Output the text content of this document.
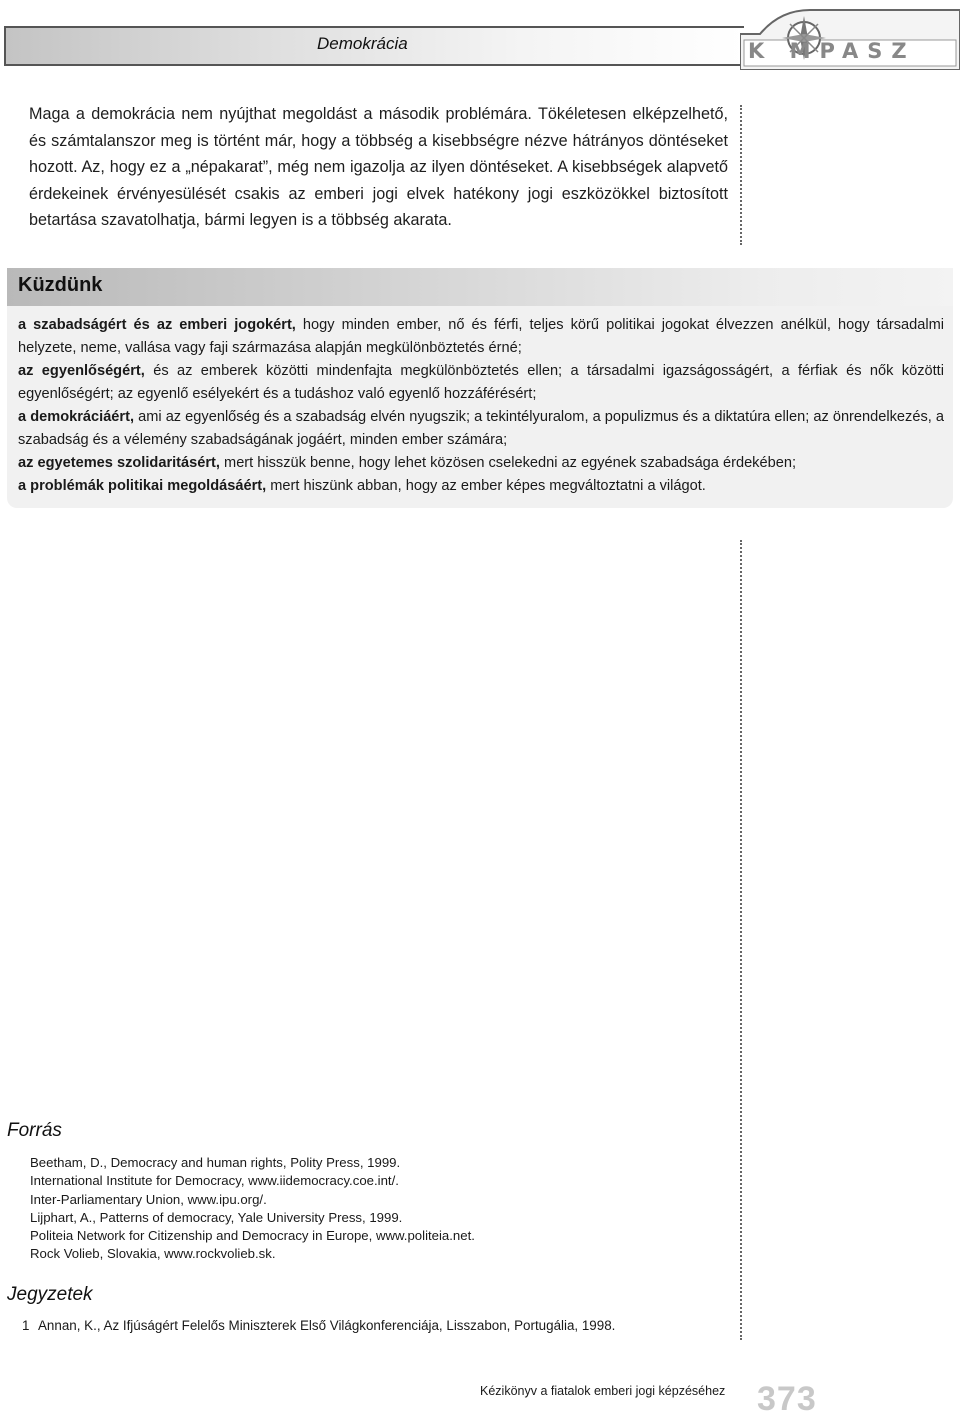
Demokrácia	K MPASZ
Maga a demokrácia nem nyújthat megoldást a második problémára. Tökéletesen elképzelhető, és számtalanszor meg is történt már, hogy a többség a kisebbségre nézve hátrányos döntéseket hozott. Az, hogy ez a „népakarat”, még nem igazolja az ilyen döntéseket. A kisebbségek alapvető érdekeinek érvényesülését csakis az emberi jogi elvek hatékony jogi eszközökkel biztosított betartása szavatolhatja, bármi legyen is a többség akarata.
Küzdünk

a szabadságért és az emberi jogokért, hogy minden ember, nő és férfi, teljes körű politikai jogokat élvezzen anélkül, hogy társadalmi helyzete, neme, vallása vagy faji származása alapján megkülönböztetés érné;

az egyenlőségért, és az emberek közötti mindenfajta megkülönböztetés ellen; a társadalmi igazságosságért, a férfiak és nők közötti egyenlőségért; az egyenlő esélyekért és a tudáshoz való egyenlő hozzáférésért;

a demokráciáért, ami az egyenlőség és a szabadság elvén nyugszik; a tekintélyuralom, a populizmus és a diktatúra ellen; az önrendelkezés, a szabadság és a vélemény szabadságának jogáért, minden ember számára;

az egyetemes szolidaritásért, mert hisszük benne, hogy lehet közösen cselekedni az egyének szabadsága érdekében;

a problémák politikai megoldásáért, mert hiszünk abban, hogy az ember képes megváltoztatni a világot.

Forrás
Beetham, D., Democracy and human rights, Polity Press, 1999.
International Institute for Democracy, www.iidemocracy.coe.int/.
Inter-Parliamentary Union, www.ipu.org/.
Lijphart, A., Patterns of democracy, Yale University Press, 1999.
Politeia Network for Citizenship and Democracy in Europe, www.politeia.net.
Rock Volieb, Slovakia, www.rockvolieb.sk.
Jegyzetek
1 Annan, K., Az Ifjúságért Felelős Miniszterek Első Világkonferenciája, Lisszabon, Portugália, 1998.
Kézikönyv a fiatalok emberi jogi képzéséhez 373
